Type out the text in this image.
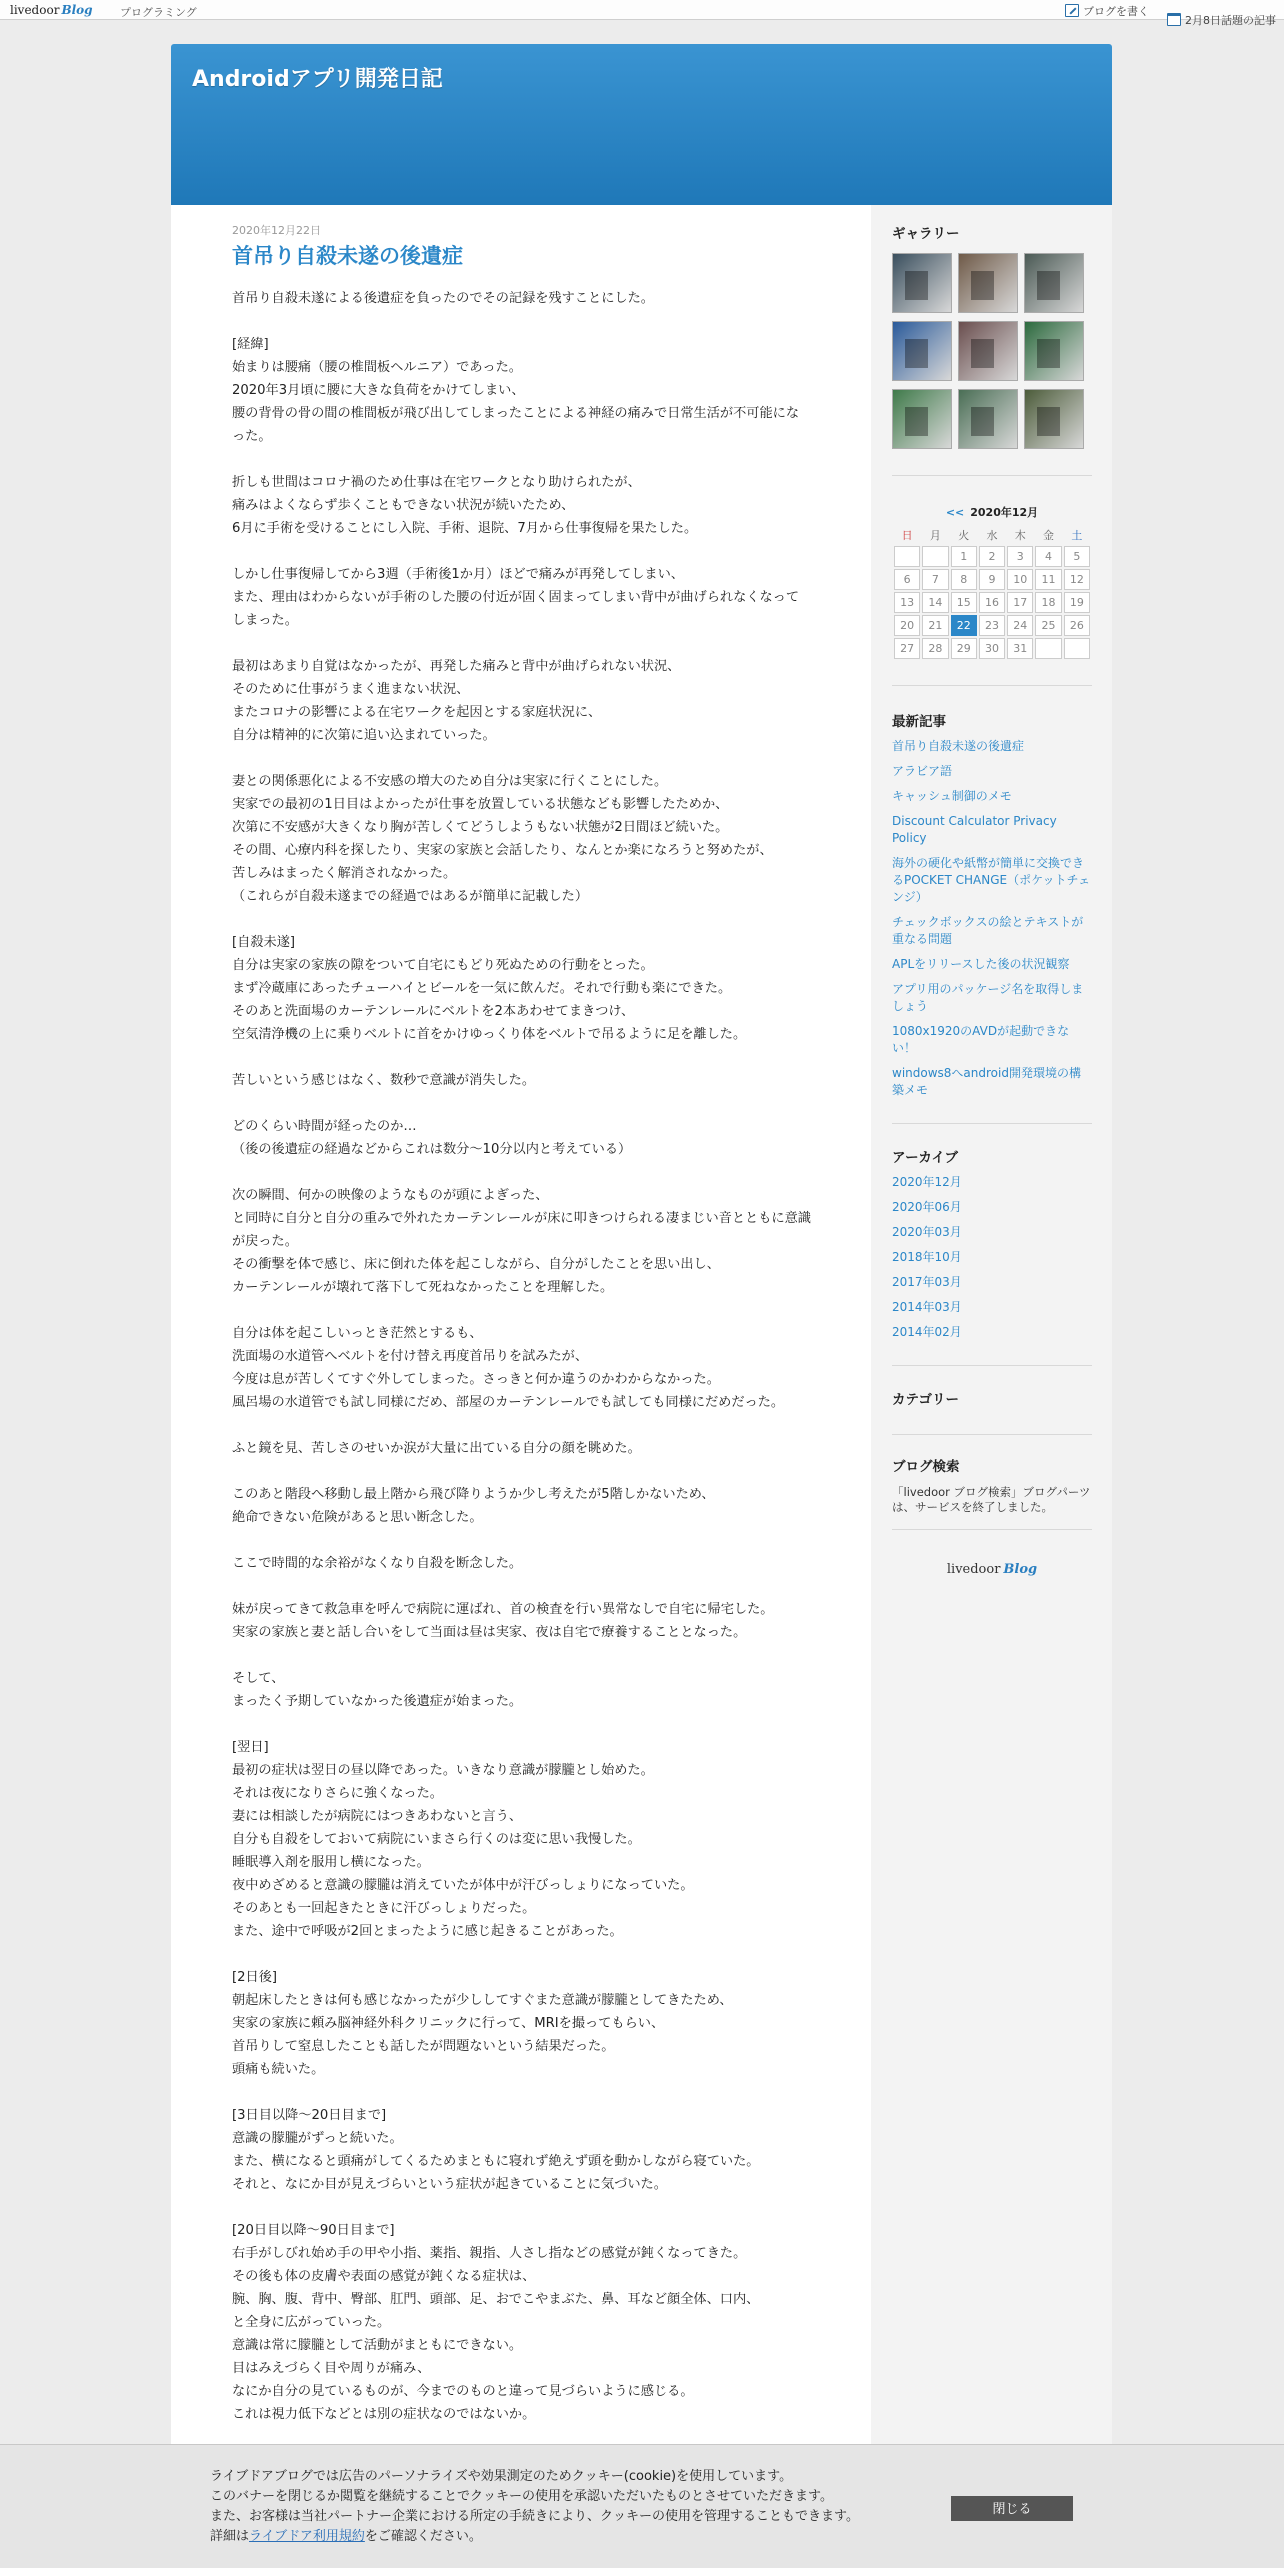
livedoor Blog プログラミング	ブログを書く
2月8日話題の記事
Androidアプリ開発日記
2020年12月22日
首吊り自殺未遂の後遺症

首吊り自殺未遂による後遺症を負ったのでその記録を残すことにした。

[経緯]

始まりは腰痛（腰の椎間板ヘルニア）であった。

2020年3月頃に腰に大きな負荷をかけてしまい、

腰の背骨の骨の間の椎間板が飛び出してしまったことによる神経の痛みで日常生活が不可能になった。

折しも世間はコロナ禍のため仕事は在宅ワークとなり助けられたが、

痛みはよくならず歩くこともできない状況が続いたため、

6月に手術を受けることにし入院、手術、退院、7月から仕事復帰を果たした。

しかし仕事復帰してから3週（手術後1か月）ほどで痛みが再発してしまい、

また、理由はわからないが手術のした腰の付近が固く固まってしまい背中が曲げられなくなってしまった。

最初はあまり自覚はなかったが、再発した痛みと背中が曲げられない状況、

そのために仕事がうまく進まない状況、

またコロナの影響による在宅ワークを起因とする家庭状況に、

自分は精神的に次第に追い込まれていった。

妻との関係悪化による不安感の増大のため自分は実家に行くことにした。

実家での最初の1日目はよかったが仕事を放置している状態なども影響したためか、

次第に不安感が大きくなり胸が苦しくてどうしようもない状態が2日間ほど続いた。

その間、心療内科を探したり、実家の家族と会話したり、なんとか楽になろうと努めたが、

苦しみはまったく解消されなかった。

（これらが自殺未遂までの経過ではあるが簡単に記載した）

[自殺未遂]

自分は実家の家族の隙をついて自宅にもどり死ぬための行動をとった。

まず冷蔵庫にあったチューハイとビールを一気に飲んだ。それで行動も楽にできた。

そのあと洗面場のカーテンレールにベルトを2本あわせてまきつけ、

空気清浄機の上に乗りベルトに首をかけゆっくり体をベルトで吊るように足を離した。

苦しいという感じはなく、数秒で意識が消失した。

どのくらい時間が経ったのか…

（後の後遺症の経過などからこれは数分～10分以内と考えている）

次の瞬間、何かの映像のようなものが頭によぎった、

と同時に自分と自分の重みで外れたカーテンレールが床に叩きつけられる凄まじい音とともに意識が戻った。

その衝撃を体で感じ、床に倒れた体を起こしながら、自分がしたことを思い出し、

カーテンレールが壊れて落下して死ねなかったことを理解した。

自分は体を起こしいっとき茫然とするも、

洗面場の水道管へベルトを付け替え再度首吊りを試みたが、

今度は息が苦しくてすぐ外してしまった。さっきと何か違うのかわからなかった。

風呂場の水道管でも試し同様にだめ、部屋のカーテンレールでも試しても同様にだめだった。

ふと鏡を見、苦しさのせいか涙が大量に出ている自分の顔を眺めた。

このあと階段へ移動し最上階から飛び降りようか少し考えたが5階しかないため、

絶命できない危険があると思い断念した。

ここで時間的な余裕がなくなり自殺を断念した。

妹が戻ってきて救急車を呼んで病院に運ばれ、首の検査を行い異常なしで自宅に帰宅した。

実家の家族と妻と話し合いをして当面は昼は実家、夜は自宅で療養することとなった。

そして、

まったく予期していなかった後遺症が始まった。

[翌日]

最初の症状は翌日の昼以降であった。いきなり意識が朦朧とし始めた。

それは夜になりさらに強くなった。

妻には相談したが病院にはつきあわないと言う、

自分も自殺をしておいて病院にいまさら行くのは変に思い我慢した。

睡眠導入剤を服用し横になった。

夜中めざめると意識の朦朧は消えていたが体中が汗びっしょりになっていた。

そのあとも一回起きたときに汗びっしょりだった。

また、途中で呼吸が2回とまったように感じ起きることがあった。

[2日後]

朝起床したときは何も感じなかったが少ししてすぐまた意識が朦朧としてきたため、

実家の家族に頼み脳神経外科クリニックに行って、MRIを撮ってもらい、

首吊りして窒息したことも話したが問題ないという結果だった。

頭痛も続いた。

[3日目以降～20日目まで]

意識の朦朧がずっと続いた。

また、横になると頭痛がしてくるためまともに寝れず絶えず頭を動かしながら寝ていた。

それと、なにか目が見えづらいという症状が起きていることに気づいた。

[20日目以降～90日目まで]

右手がしびれ始め手の甲や小指、薬指、親指、人さし指などの感覚が鈍くなってきた。

その後も体の皮膚や表面の感覚が鈍くなる症状は、

腕、胸、腹、背中、臀部、肛門、頭部、足、おでこやまぶた、鼻、耳など顔全体、口内、

と全身に広がっていった。

意識は常に朦朧として活動がまともにできない。

目はみえづらく目や周りが痛み、

なにか自分の見ているものが、今までのものと違って見づらいように感じる。

これは視力低下などとは別の症状なのではないか。

ギャラリー
<< 2020年12月
日	月	火	水	木	金	土
		1	2	3	4	5
6	7	8	9	10	11	12
13	14	15	16	17	18	19
20	21	22	23	24	25	26
27	28	29	30	31		
最新記事
首吊り自殺未遂の後遺症
アラビア語
キャッシュ制御のメモ
Discount Calculator Privacy Policy
海外の硬化や紙幣が簡単に交換できるPOCKET CHANGE（ポケットチェンジ）
チェックボックスの絵とテキストが重なる問題
APLをリリースした後の状況観察
アプリ用のパッケージ名を取得しましょう
1080x1920のAVDが起動できない！
windows8へandroid開発環境の構築メモ
アーカイブ
2020年12月
2020年06月
2020年03月
2018年10月
2017年03月
2014年03月
2014年02月
カテゴリー
ブログ検索
「livedoor ブログ検索」ブログパーツは、サービスを終了しました。
livedoor Blog
ライブドアブログでは広告のパーソナライズや効果測定のためクッキー(cookie)を使用しています。
このバナーを閉じるか閲覧を継続することでクッキーの使用を承認いただいたものとさせていただきます。
また、お客様は当社パートナー企業における所定の手続きにより、クッキーの使用を管理することもできます。
詳細はライブドア利用規約をご確認ください。
閉じる
